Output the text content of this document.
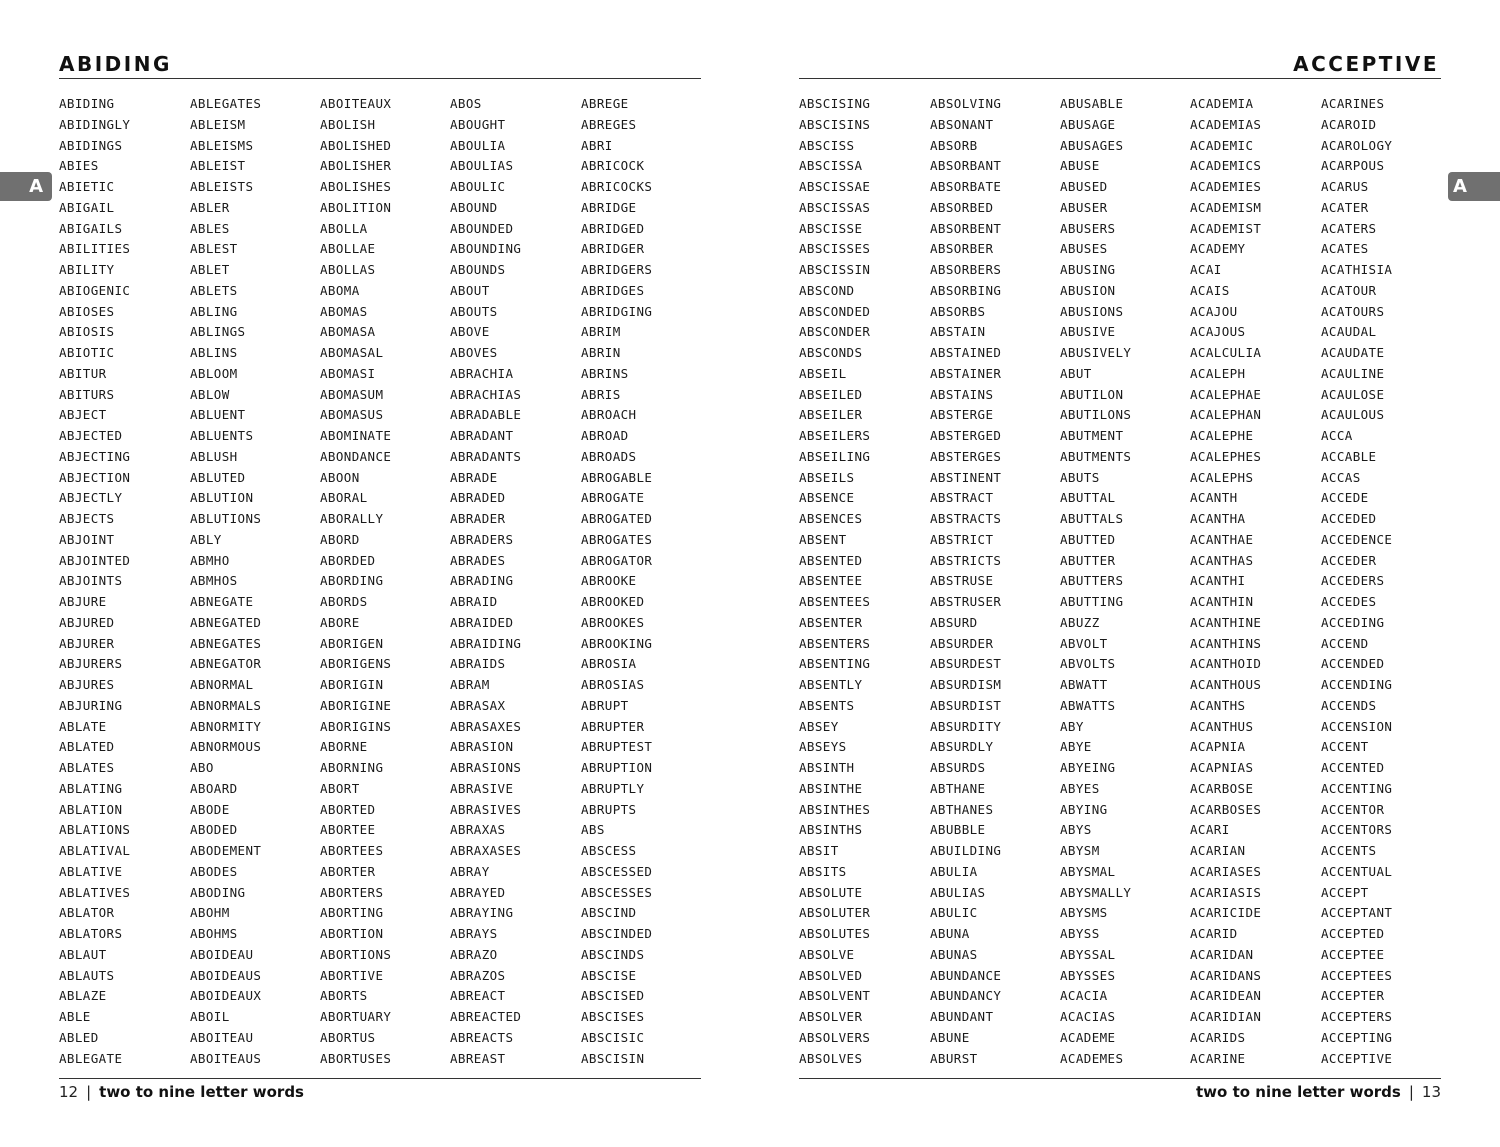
A	A
ABIDING
ABIDING
ABIDINGLY
ABIDINGS
ABIES
ABIETIC
ABIGAIL
ABIGAILS
ABILITIES
ABILITY
ABIOGENIC
ABIOSES
ABIOSIS
ABIOTIC
ABITUR
ABITURS
ABJECT
ABJECTED
ABJECTING
ABJECTION
ABJECTLY
ABJECTS
ABJOINT
ABJOINTED
ABJOINTS
ABJURE
ABJURED
ABJURER
ABJURERS
ABJURES
ABJURING
ABLATE
ABLATED
ABLATES
ABLATING
ABLATION
ABLATIONS
ABLATIVAL
ABLATIVE
ABLATIVES
ABLATOR
ABLATORS
ABLAUT
ABLAUTS
ABLAZE
ABLE
ABLED
ABLEGATE
ABLEGATES
ABLEISM
ABLEISMS
ABLEIST
ABLEISTS
ABLER
ABLES
ABLEST
ABLET
ABLETS
ABLING
ABLINGS
ABLINS
ABLOOM
ABLOW
ABLUENT
ABLUENTS
ABLUSH
ABLUTED
ABLUTION
ABLUTIONS
ABLY
ABMHO
ABMHOS
ABNEGATE
ABNEGATED
ABNEGATES
ABNEGATOR
ABNORMAL
ABNORMALS
ABNORMITY
ABNORMOUS
ABO
ABOARD
ABODE
ABODED
ABODEMENT
ABODES
ABODING
ABOHM
ABOHMS
ABOIDEAU
ABOIDEAUS
ABOIDEAUX
ABOIL
ABOITEAU
ABOITEAUS
ABOITEAUX
ABOLISH
ABOLISHED
ABOLISHER
ABOLISHES
ABOLITION
ABOLLA
ABOLLAE
ABOLLAS
ABOMA
ABOMAS
ABOMASA
ABOMASAL
ABOMASI
ABOMASUM
ABOMASUS
ABOMINATE
ABONDANCE
ABOON
ABORAL
ABORALLY
ABORD
ABORDED
ABORDING
ABORDS
ABORE
ABORIGEN
ABORIGENS
ABORIGIN
ABORIGINE
ABORIGINS
ABORNE
ABORNING
ABORT
ABORTED
ABORTEE
ABORTEES
ABORTER
ABORTERS
ABORTING
ABORTION
ABORTIONS
ABORTIVE
ABORTS
ABORTUARY
ABORTUS
ABORTUSES
ABOS
ABOUGHT
ABOULIA
ABOULIAS
ABOULIC
ABOUND
ABOUNDED
ABOUNDING
ABOUNDS
ABOUT
ABOUTS
ABOVE
ABOVES
ABRACHIA
ABRACHIAS
ABRADABLE
ABRADANT
ABRADANTS
ABRADE
ABRADED
ABRADER
ABRADERS
ABRADES
ABRADING
ABRAID
ABRAIDED
ABRAIDING
ABRAIDS
ABRAM
ABRASAX
ABRASAXES
ABRASION
ABRASIONS
ABRASIVE
ABRASIVES
ABRAXAS
ABRAXASES
ABRAY
ABRAYED
ABRAYING
ABRAYS
ABRAZO
ABRAZOS
ABREACT
ABREACTED
ABREACTS
ABREAST
ABREGE
ABREGES
ABRI
ABRICOCK
ABRICOCKS
ABRIDGE
ABRIDGED
ABRIDGER
ABRIDGERS
ABRIDGES
ABRIDGING
ABRIM
ABRIN
ABRINS
ABRIS
ABROACH
ABROAD
ABROADS
ABROGABLE
ABROGATE
ABROGATED
ABROGATES
ABROGATOR
ABROOKE
ABROOKED
ABROOKES
ABROOKING
ABROSIA
ABROSIAS
ABRUPT
ABRUPTER
ABRUPTEST
ABRUPTION
ABRUPTLY
ABRUPTS
ABS
ABSCESS
ABSCESSED
ABSCESSES
ABSCIND
ABSCINDED
ABSCINDS
ABSCISE
ABSCISED
ABSCISES
ABSCISIC
ABSCISIN
12 | two to nine letter words
ACCEPTIVE
ABSCISING
ABSCISINS
ABSCISS
ABSCISSA
ABSCISSAE
ABSCISSAS
ABSCISSE
ABSCISSES
ABSCISSIN
ABSCOND
ABSCONDED
ABSCONDER
ABSCONDS
ABSEIL
ABSEILED
ABSEILER
ABSEILERS
ABSEILING
ABSEILS
ABSENCE
ABSENCES
ABSENT
ABSENTED
ABSENTEE
ABSENTEES
ABSENTER
ABSENTERS
ABSENTING
ABSENTLY
ABSENTS
ABSEY
ABSEYS
ABSINTH
ABSINTHE
ABSINTHES
ABSINTHS
ABSIT
ABSITS
ABSOLUTE
ABSOLUTER
ABSOLUTES
ABSOLVE
ABSOLVED
ABSOLVENT
ABSOLVER
ABSOLVERS
ABSOLVES
ABSOLVING
ABSONANT
ABSORB
ABSORBANT
ABSORBATE
ABSORBED
ABSORBENT
ABSORBER
ABSORBERS
ABSORBING
ABSORBS
ABSTAIN
ABSTAINED
ABSTAINER
ABSTAINS
ABSTERGE
ABSTERGED
ABSTERGES
ABSTINENT
ABSTRACT
ABSTRACTS
ABSTRICT
ABSTRICTS
ABSTRUSE
ABSTRUSER
ABSURD
ABSURDER
ABSURDEST
ABSURDISM
ABSURDIST
ABSURDITY
ABSURDLY
ABSURDS
ABTHANE
ABTHANES
ABUBBLE
ABUILDING
ABULIA
ABULIAS
ABULIC
ABUNA
ABUNAS
ABUNDANCE
ABUNDANCY
ABUNDANT
ABUNE
ABURST
ABUSABLE
ABUSAGE
ABUSAGES
ABUSE
ABUSED
ABUSER
ABUSERS
ABUSES
ABUSING
ABUSION
ABUSIONS
ABUSIVE
ABUSIVELY
ABUT
ABUTILON
ABUTILONS
ABUTMENT
ABUTMENTS
ABUTS
ABUTTAL
ABUTTALS
ABUTTED
ABUTTER
ABUTTERS
ABUTTING
ABUZZ
ABVOLT
ABVOLTS
ABWATT
ABWATTS
ABY
ABYE
ABYEING
ABYES
ABYING
ABYS
ABYSM
ABYSMAL
ABYSMALLY
ABYSMS
ABYSS
ABYSSAL
ABYSSES
ACACIA
ACACIAS
ACADEME
ACADEMES
ACADEMIA
ACADEMIAS
ACADEMIC
ACADEMICS
ACADEMIES
ACADEMISM
ACADEMIST
ACADEMY
ACAI
ACAIS
ACAJOU
ACAJOUS
ACALCULIA
ACALEPH
ACALEPHAE
ACALEPHAN
ACALEPHE
ACALEPHES
ACALEPHS
ACANTH
ACANTHA
ACANTHAE
ACANTHAS
ACANTHI
ACANTHIN
ACANTHINE
ACANTHINS
ACANTHOID
ACANTHOUS
ACANTHS
ACANTHUS
ACAPNIA
ACAPNIAS
ACARBOSE
ACARBOSES
ACARI
ACARIAN
ACARIASES
ACARIASIS
ACARICIDE
ACARID
ACARIDAN
ACARIDANS
ACARIDEAN
ACARIDIAN
ACARIDS
ACARINE
ACARINES
ACAROID
ACAROLOGY
ACARPOUS
ACARUS
ACATER
ACATERS
ACATES
ACATHISIA
ACATOUR
ACATOURS
ACAUDAL
ACAUDATE
ACAULINE
ACAULOSE
ACAULOUS
ACCA
ACCABLE
ACCAS
ACCEDE
ACCEDED
ACCEDENCE
ACCEDER
ACCEDERS
ACCEDES
ACCEDING
ACCEND
ACCENDED
ACCENDING
ACCENDS
ACCENSION
ACCENT
ACCENTED
ACCENTING
ACCENTOR
ACCENTORS
ACCENTS
ACCENTUAL
ACCEPT
ACCEPTANT
ACCEPTED
ACCEPTEE
ACCEPTEES
ACCEPTER
ACCEPTERS
ACCEPTING
ACCEPTIVE
two to nine letter words | 13
